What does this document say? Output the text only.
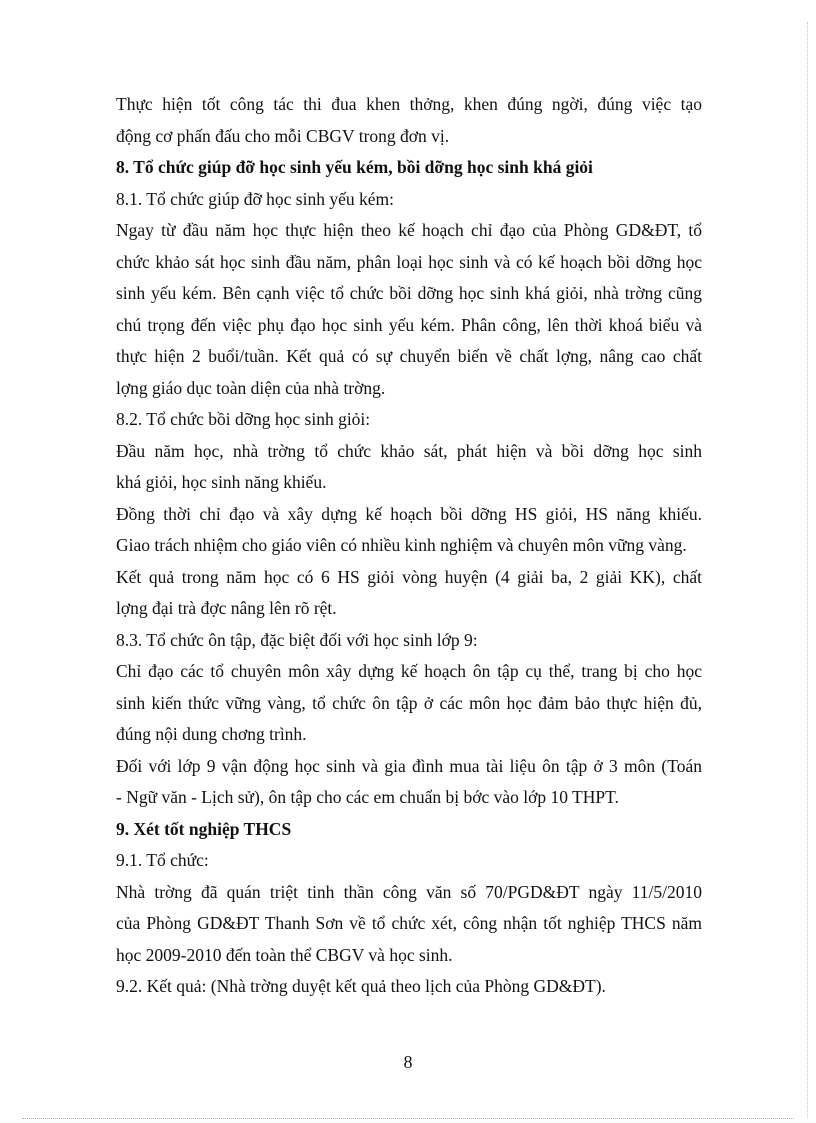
Thực hiện tốt công tác thi đua khen thởng, khen đúng ngời, đúng việc tạo
động cơ phấn đấu cho mỗi CBGV trong đơn vị.
8. Tổ chức giúp đỡ học sinh yếu kém, bồi dỡng học sinh khá giỏi
8.1. Tổ chức giúp đỡ học sinh yếu kém:
Ngay từ đầu năm học thực hiện theo kế hoạch chỉ đạo của Phòng GD&ĐT, tổ
chức khảo sát học sinh đầu năm, phân loại học sinh và có kế hoạch bồi dỡng học
sinh yếu kém. Bên cạnh việc tổ chức bồi dỡng học sinh khá giỏi, nhà trờng cũng
chú trọng đến việc phụ đạo học sinh yếu kém. Phân công, lên thời khoá biểu và
thực hiện 2 buổi/tuần. Kết quả có sự chuyển biến về chất lợng, nâng cao chất
lợng giáo dục toàn diện của nhà trờng.
8.2. Tổ chức bồi dỡng học sinh giỏi:
Đầu năm học, nhà trờng tổ chức khảo sát, phát hiện và bồi dỡng học sinh
khá giỏi, học sinh năng khiếu.
Đồng thời chỉ đạo và xây dựng kế hoạch bồi dỡng HS giỏi, HS năng khiếu.
Giao trách nhiệm cho giáo viên có nhiều kinh nghiệm và chuyên môn vững vàng.
Kết quả trong năm học có 6 HS giỏi vòng huyện (4 giải ba, 2 giải KK), chất
lợng đại trà đợc nâng lên rõ rệt.
8.3. Tổ chức ôn tập, đặc biệt đối với học sinh lớp 9:
Chỉ đạo các tổ chuyên môn xây dựng kế hoạch ôn tập cụ thể, trang bị cho học
sinh kiến thức vững vàng, tổ chức ôn tập ở các môn học đảm bảo thực hiện đủ,
đúng nội dung chơng trình.
Đối với lớp 9 vận động học sinh và gia đình mua tài liệu ôn tập ở 3 môn (Toán
- Ngữ văn - Lịch sử), ôn tập cho các em chuẩn bị bớc vào lớp 10 THPT.
9. Xét tốt nghiệp THCS
9.1. Tổ chức:
Nhà trờng đã quán triệt tinh thần công văn số 70/PGD&ĐT ngày 11/5/2010
của Phòng GD&ĐT Thanh Sơn về tổ chức xét, công nhận tốt nghiệp THCS năm
học 2009-2010 đến toàn thể CBGV và học sinh.
9.2. Kết quả: (Nhà trờng duyệt kết quả theo lịch của Phòng GD&ĐT).
8
